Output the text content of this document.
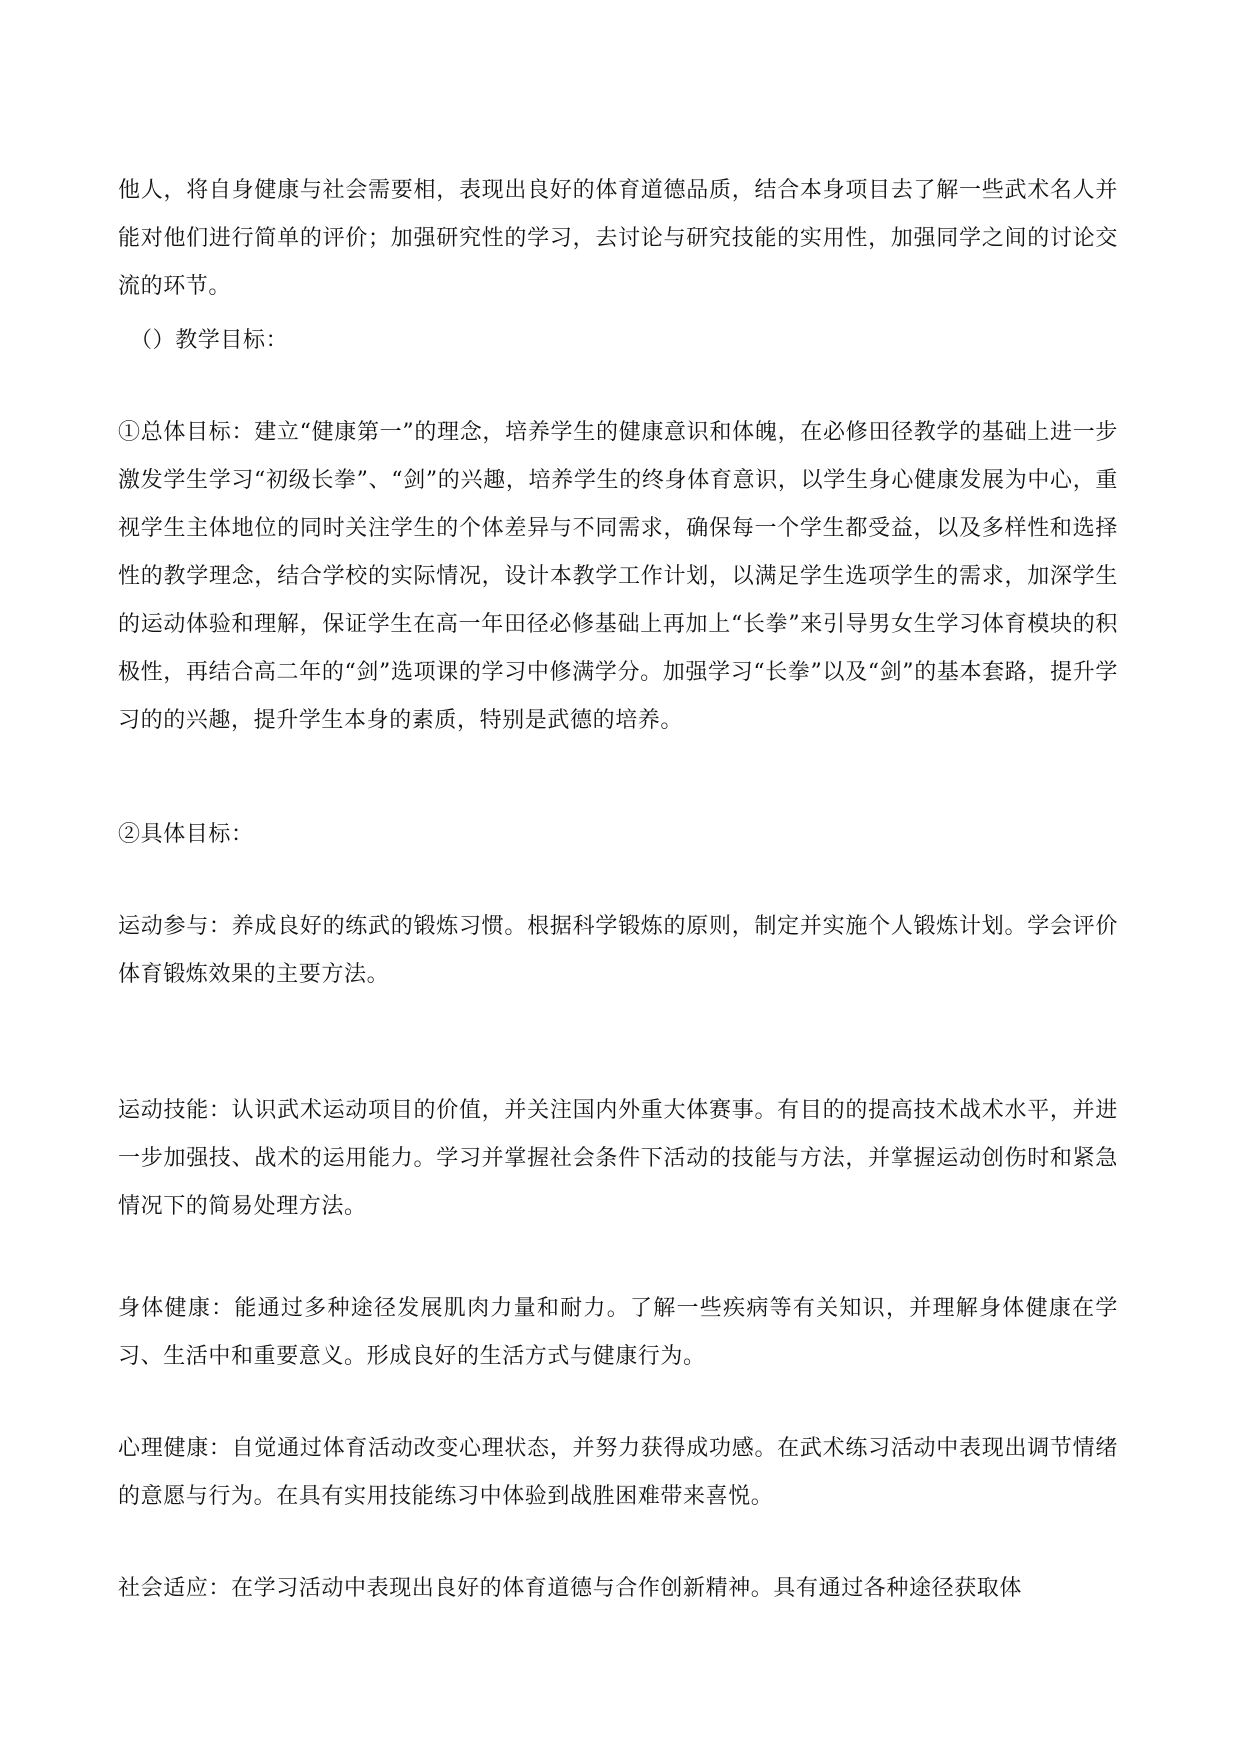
他人，将自身健康与社会需要相，表现出良好的体育道德品质，结合本身项目去了解一些武术名人并能对他们进行简单的评价；加强研究性的学习，去讨论与研究技能的实用性，加强同学之间的讨论交流的环节。

（）教学目标：

①总体目标：建立“健康第一”的理念，培养学生的健康意识和体魄，在必修田径教学的基础上进一步激发学生学习“初级长拳”、“剑”的兴趣，培养学生的终身体育意识，以学生身心健康发展为中心，重视学生主体地位的同时关注学生的个体差异与不同需求，确保每一个学生都受益，以及多样性和选择性的教学理念，结合学校的实际情况，设计本教学工作计划，以满足学生选项学生的需求，加深学生的运动体验和理解，保证学生在高一年田径必修基础上再加上“长拳”来引导男女生学习体育模块的积极性，再结合高二年的“剑”选项课的学习中修满学分。加强学习“长拳”以及“剑”的基本套路，提升学习的的兴趣，提升学生本身的素质，特别是武德的培养。

②具体目标：

运动参与：养成良好的练武的锻炼习惯。根据科学锻炼的原则，制定并实施个人锻炼计划。学会评价体育锻炼效果的主要方法。

运动技能：认识武术运动项目的价值，并关注国内外重大体赛事。有目的的提高技术战术水平，并进一步加强技、战术的运用能力。学习并掌握社会条件下活动的技能与方法，并掌握运动创伤时和紧急情况下的简易处理方法。

身体健康：能通过多种途径发展肌肉力量和耐力。了解一些疾病等有关知识，并理解身体健康在学习、生活中和重要意义。形成良好的生活方式与健康行为。

心理健康：自觉通过体育活动改变心理状态，并努力获得成功感。在武术练习活动中表现出调节情绪的意愿与行为。在具有实用技能练习中体验到战胜困难带来喜悦。

社会适应：在学习活动中表现出良好的体育道德与合作创新精神。具有通过各种途径获取体
